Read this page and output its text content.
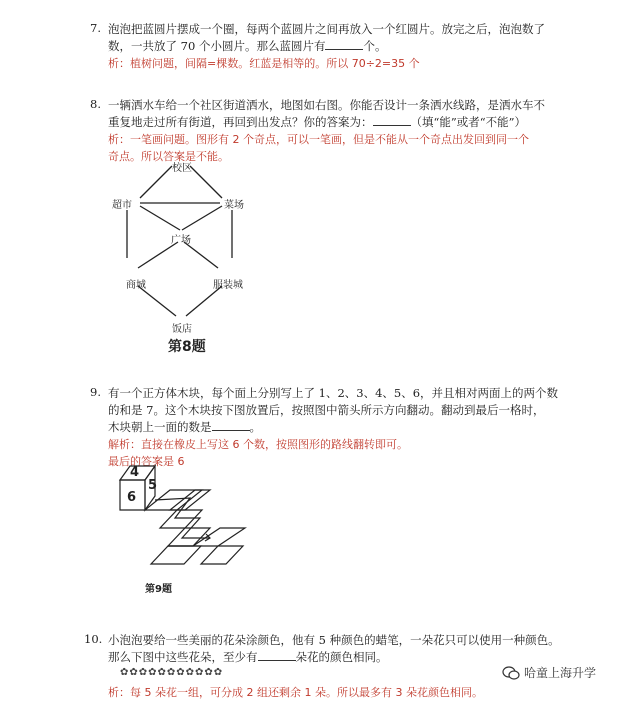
7. 泡泡把蓝圆片摆成一个圈，每两个蓝圆片之间再放入一个红圆片。放完之后，泡泡数了
数，一共放了 70 个小圆片。那么蓝圆片有	个。
析：植树问题，间隔=棵数。红蓝是相等的。所以 70÷2=35 个
8. 一辆洒水车给一个社区街道洒水，地图如右图。你能否设计一条洒水线路，是洒水车不
重复地走过所有街道，再回到出发点？你的答案为：	（填“能”或者“不能”）
析：一笔画问题。图形有 2 个奇点，可以一笔画，但是不能从一个奇点出发回到同一个
奇点。所以答案是不能。
校区
超市	菜场
广场
商城	服装城
饭店
第8题
9. 有一个正方体木块，每个面上分别写上了 1、2、3、4、5、6，并且相对两面上的两个数
的和是 7。这个木块按下图放置后，按照图中箭头所示方向翻动。翻动到最后一格时，
木块朝上一面的数是	。
解析：直接在橡皮上写这 6 个数，按照图形的路线翻转即可。
最后的答案是 6
4
6
5
第9题
10. 小泡泡要给一些美丽的花朵涂颜色，他有 5 种颜色的蜡笔，一朵花只可以使用一种颜色。
那么下图中这些花朵，至少有	朵花的颜色相同。
✿✿✿✿✿✿✿✿✿✿✿
析：每 5 朵花一组，可分成 2 组还剩余 1 朵。所以最多有 3 朵花颜色相同。
哈童上海升学
